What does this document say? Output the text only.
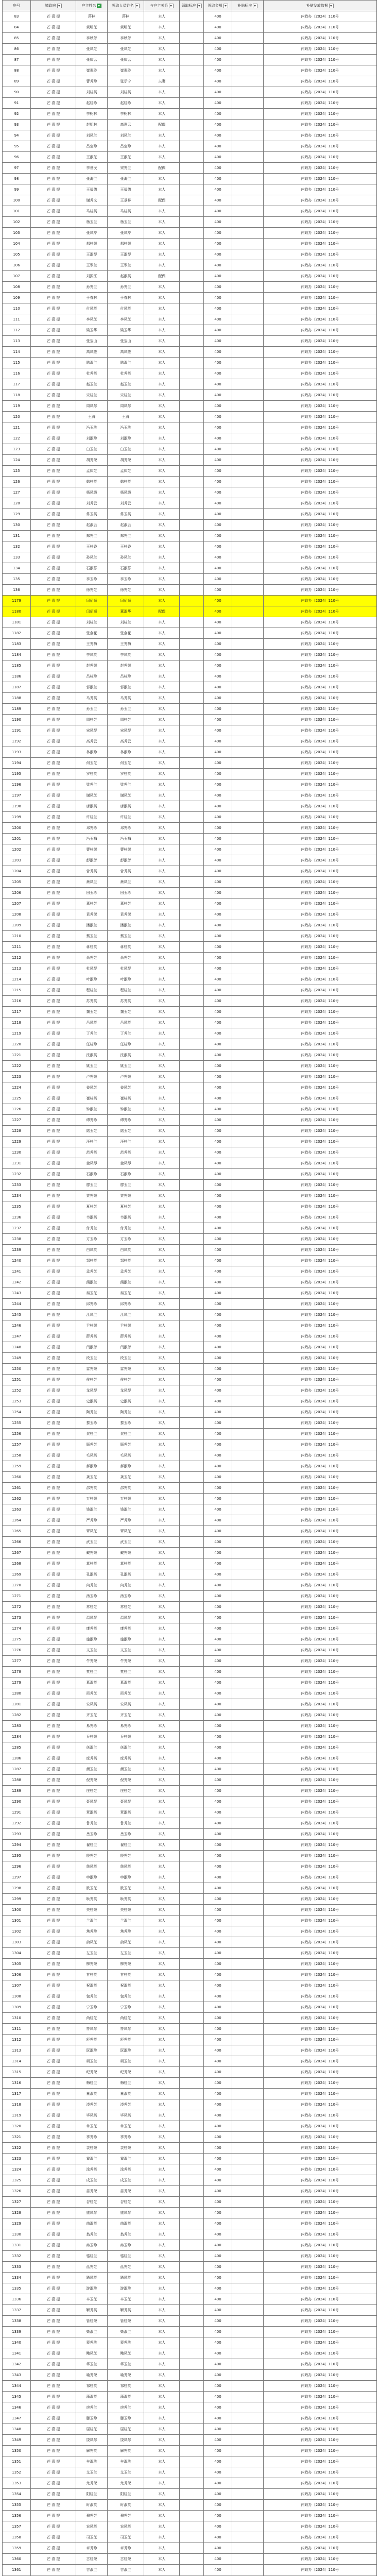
序号	镇政府	户主姓名	领取人员姓名	与户主关系	领取标准	领取金额	补贴标准	补贴发放依据
83	芒 喜 提	蒋林	蒋林	本人		400		内政办〔2024〕110号
84	芒 喜 提	黄明芝	黄明芝	本人		400		内政办〔2024〕110号
85	芒 喜 提	李秋芳	李秋芳	本人		400		内政办〔2024〕110号
86	芒 喜 提	张凤芝	张凤芝	本人		400		内政办〔2024〕110号
87	芒 喜 提	张庆云	张庆云	本人		400		内政办〔2024〕110号
88	芒 喜 提	崔素玲	崔素玲	本人		400		内政办〔2024〕110号
89	芒 喜 提	曹秀珍	张示宁	夫妻		400		内政办〔2024〕110号
90	芒 喜 提	刘桂英	刘桂英	本人		400		内政办〔2024〕110号
91	芒 喜 提	赵桂珍	赵桂珍	本人		400		内政办〔2024〕110号
92	芒 喜 提	李树林	李树林	本人		400		内政办〔2024〕110号
93	芒 喜 提	赵明林	高惠云	配偶		400		内政办〔2024〕110号
94	芒 喜 提	刘凤兰	刘凤兰	本人		400		内政办〔2024〕110号
95	芒 喜 提	吕宝珍	吕宝珍	本人		400		内政办〔2024〕110号
96	芒 喜 提	王淑芝	王淑芝	本人		400		内政办〔2024〕110号
97	芒 喜 提	李世民	宋秀兰	配偶		400		内政办〔2024〕110号
98	芒 喜 提	张海兰	张海兰	本人		400		内政办〔2024〕110号
99	芒 喜 提	王福德	王福德	本人		400		内政办〔2024〕110号
100	芒 喜 提	谢秀文	王景祥	配偶		400		内政办〔2024〕110号
101	芒 喜 提	马桂英	马桂英	本人		400		内政办〔2024〕110号
102	芒 喜 提	杨玉兰	杨玉兰	本人		400		内政办〔2024〕110号
103	芒 喜 提	张凤芹	张凤芹	本人		400		内政办〔2024〕110号
104	芒 喜 提	郝桂荣	郝桂荣	本人		400		内政办〔2024〕110号
105	芒 喜 提	王淑琴	王淑琴	本人		400		内政办〔2024〕110号
106	芒 喜 提	王翠兰	王翠兰	本人		400		内政办〔2024〕110号
107	芒 喜 提	刘振江	赵淑英	配偶		400		内政办〔2024〕110号
108	芒 喜 提	孙秀兰	孙秀兰	本人		400		内政办〔2024〕110号
109	芒 喜 提	于春林	于春林	本人		400		内政办〔2024〕110号
110	芒 喜 提	付凤英	付凤英	本人		400		内政办〔2024〕110号
111	芒 喜 提	李凤芝	李凤芝	本人		400		内政办〔2024〕110号
112	芒 喜 提	梁玉华	梁玉华	本人		400		内政办〔2024〕110号
113	芒 喜 提	张宝山	张宝山	本人		400		内政办〔2024〕110号
114	芒 喜 提	高凤莲	高凤莲	本人		400		内政办〔2024〕110号
115	芒 喜 提	陈淑兰	陈淑兰	本人		400		内政办〔2024〕110号
116	芒 喜 提	杜秀英	杜秀英	本人		400		内政办〔2024〕110号
117	芒 喜 提	赵玉兰	赵玉兰	本人		400		内政办〔2024〕110号
118	芒 喜 提	宋桂兰	宋桂兰	本人		400		内政办〔2024〕110号
119	芒 喜 提	周凤琴	周凤琴	本人		400		内政办〔2024〕110号
120	芒 喜 提	王海	王海	本人		400		内政办〔2024〕110号
121	芒 喜 提	冯玉珍	冯玉珍	本人		400		内政办〔2024〕110号
122	芒 喜 提	刘淑珍	刘淑珍	本人		400		内政办〔2024〕110号
123	芒 喜 提	白玉兰	白玉兰	本人		400		内政办〔2024〕110号
124	芒 喜 提	胡秀荣	胡秀荣	本人		400		内政办〔2024〕110号
125	芒 喜 提	孟庆芝	孟庆芝	本人		400		内政办〔2024〕110号
126	芒 喜 提	韩桂英	韩桂英	本人		400		内政办〔2024〕110号
127	芒 喜 提	杨凤霞	杨凤霞	本人		400		内政办〔2024〕110号
128	芒 喜 提	刘秀云	刘秀云	本人		400		内政办〔2024〕110号
129	芒 喜 提	常玉英	常玉英	本人		400		内政办〔2024〕110号
130	芒 喜 提	赵淑云	赵淑云	本人		400		内政办〔2024〕110号
131	芒 喜 提	郑秀兰	郑秀兰	本人		400		内政办〔2024〕110号
132	芒 喜 提	王桂香	王桂香	本人		400		内政办〔2024〕110号
133	芒 喜 提	孙凤兰	孙凤兰	本人		400		内政办〔2024〕110号
134	芒 喜 提	石淑芬	石淑芬	本人		400		内政办〔2024〕110号
135	芒 喜 提	李玉珍	李玉珍	本人		400		内政办〔2024〕110号
136	芒 喜 提	徐秀芝	徐秀芝	本人		400		内政办〔2024〕110号
1179	芒 喜 提	闫佰顺	闫佰顺	本人		400		内政办〔2024〕110号
1180	芒 喜 提	闫佰顺	董淑华	配偶		400		内政办〔2024〕110号
1181	芒 喜 提	刘桂兰	刘桂兰	本人		400		内政办〔2024〕110号
1182	芒 喜 提	张金花	张金花	本人		400		内政办〔2024〕110号
1183	芒 喜 提	王秀梅	王秀梅	本人		400		内政办〔2024〕110号
1184	芒 喜 提	李凤英	李凤英	本人		400		内政办〔2024〕110号
1185	芒 喜 提	赵秀荣	赵秀荣	本人		400		内政办〔2024〕110号
1186	芒 喜 提	吕桂珍	吕桂珍	本人		400		内政办〔2024〕110号
1187	芒 喜 提	郭淑兰	郭淑兰	本人		400		内政办〔2024〕110号
1188	芒 喜 提	马秀英	马秀英	本人		400		内政办〔2024〕110号
1189	芒 喜 提	孙玉兰	孙玉兰	本人		400		内政办〔2024〕110号
1190	芒 喜 提	周桂芝	周桂芝	本人		400		内政办〔2024〕110号
1191	芒 喜 提	宋凤琴	宋凤琴	本人		400		内政办〔2024〕110号
1192	芒 喜 提	高秀云	高秀云	本人		400		内政办〔2024〕110号
1193	芒 喜 提	林淑珍	林淑珍	本人		400		内政办〔2024〕110号
1194	芒 喜 提	何玉芝	何玉芝	本人		400		内政办〔2024〕110号
1195	芒 喜 提	罗桂英	罗桂英	本人		400		内政办〔2024〕110号
1196	芒 喜 提	梁秀兰	梁秀兰	本人		400		内政办〔2024〕110号
1197	芒 喜 提	谢凤芝	谢凤芝	本人		400		内政办〔2024〕110号
1198	芒 喜 提	唐淑英	唐淑英	本人		400		内政办〔2024〕110号
1199	芒 喜 提	许桂兰	许桂兰	本人		400		内政办〔2024〕110号
1200	芒 喜 提	邓秀珍	邓秀珍	本人		400		内政办〔2024〕110号
1201	芒 喜 提	冯玉梅	冯玉梅	本人		400		内政办〔2024〕110号
1202	芒 喜 提	曹桂荣	曹桂荣	本人		400		内政办〔2024〕110号
1203	芒 喜 提	彭淑芳	彭淑芳	本人		400		内政办〔2024〕110号
1204	芒 喜 提	曾秀英	曾秀英	本人		400		内政办〔2024〕110号
1205	芒 喜 提	萧凤兰	萧凤兰	本人		400		内政办〔2024〕110号
1206	芒 喜 提	田玉珍	田玉珍	本人		400		内政办〔2024〕110号
1207	芒 喜 提	董桂芝	董桂芝	本人		400		内政办〔2024〕110号
1208	芒 喜 提	袁秀荣	袁秀荣	本人		400		内政办〔2024〕110号
1209	芒 喜 提	潘淑兰	潘淑兰	本人		400		内政办〔2024〕110号
1210	芒 喜 提	蔡玉兰	蔡玉兰	本人		400		内政办〔2024〕110号
1211	芒 喜 提	蒋桂英	蒋桂英	本人		400		内政办〔2024〕110号
1212	芒 喜 提	余秀芝	余秀芝	本人		400		内政办〔2024〕110号
1213	芒 喜 提	杜凤琴	杜凤琴	本人		400		内政办〔2024〕110号
1214	芒 喜 提	叶淑珍	叶淑珍	本人		400		内政办〔2024〕110号
1215	芒 喜 提	程桂兰	程桂兰	本人		400		内政办〔2024〕110号
1216	芒 喜 提	苏秀英	苏秀英	本人		400		内政办〔2024〕110号
1217	芒 喜 提	魏玉芝	魏玉芝	本人		400		内政办〔2024〕110号
1218	芒 喜 提	吕凤英	吕凤英	本人		400		内政办〔2024〕110号
1219	芒 喜 提	丁秀兰	丁秀兰	本人		400		内政办〔2024〕110号
1220	芒 喜 提	任桂珍	任桂珍	本人		400		内政办〔2024〕110号
1221	芒 喜 提	沈淑英	沈淑英	本人		400		内政办〔2024〕110号
1222	芒 喜 提	姚玉兰	姚玉兰	本人		400		内政办〔2024〕110号
1223	芒 喜 提	卢秀荣	卢秀荣	本人		400		内政办〔2024〕110号
1224	芒 喜 提	姜凤芝	姜凤芝	本人		400		内政办〔2024〕110号
1225	芒 喜 提	崔桂英	崔桂英	本人		400		内政办〔2024〕110号
1226	芒 喜 提	钟淑兰	钟淑兰	本人		400		内政办〔2024〕110号
1227	芒 喜 提	谭秀珍	谭秀珍	本人		400		内政办〔2024〕110号
1228	芒 喜 提	陆玉芝	陆玉芝	本人		400		内政办〔2024〕110号
1229	芒 喜 提	汪桂兰	汪桂兰	本人		400		内政办〔2024〕110号
1230	芒 喜 提	范秀英	范秀英	本人		400		内政办〔2024〕110号
1231	芒 喜 提	金凤琴	金凤琴	本人		400		内政办〔2024〕110号
1232	芒 喜 提	石淑珍	石淑珍	本人		400		内政办〔2024〕110号
1233	芒 喜 提	廖玉兰	廖玉兰	本人		400		内政办〔2024〕110号
1234	芒 喜 提	贾秀荣	贾秀荣	本人		400		内政办〔2024〕110号
1235	芒 喜 提	夏桂芝	夏桂芝	本人		400		内政办〔2024〕110号
1236	芒 喜 提	韦淑英	韦淑英	本人		400		内政办〔2024〕110号
1237	芒 喜 提	付秀兰	付秀兰	本人		400		内政办〔2024〕110号
1238	芒 喜 提	方玉珍	方玉珍	本人		400		内政办〔2024〕110号
1239	芒 喜 提	白凤英	白凤英	本人		400		内政办〔2024〕110号
1240	芒 喜 提	邹桂英	邹桂英	本人		400		内政办〔2024〕110号
1241	芒 喜 提	孟秀芝	孟秀芝	本人		400		内政办〔2024〕110号
1242	芒 喜 提	熊淑兰	熊淑兰	本人		400		内政办〔2024〕110号
1243	芒 喜 提	秦玉芝	秦玉芝	本人		400		内政办〔2024〕110号
1244	芒 喜 提	邱秀珍	邱秀珍	本人		400		内政办〔2024〕110号
1245	芒 喜 提	江凤兰	江凤兰	本人		400		内政办〔2024〕110号
1246	芒 喜 提	尹桂荣	尹桂荣	本人		400		内政办〔2024〕110号
1247	芒 喜 提	薛秀英	薛秀英	本人		400		内政办〔2024〕110号
1248	芒 喜 提	闫淑芳	闫淑芳	本人		400		内政办〔2024〕110号
1249	芒 喜 提	段玉兰	段玉兰	本人		400		内政办〔2024〕110号
1250	芒 喜 提	雷秀荣	雷秀荣	本人		400		内政办〔2024〕110号
1251	芒 喜 提	侯桂芝	侯桂芝	本人		400		内政办〔2024〕110号
1252	芒 喜 提	龙凤琴	龙凤琴	本人		400		内政办〔2024〕110号
1253	芒 喜 提	史淑英	史淑英	本人		400		内政办〔2024〕110号
1254	芒 喜 提	陶秀兰	陶秀兰	本人		400		内政办〔2024〕110号
1255	芒 喜 提	黎玉珍	黎玉珍	本人		400		内政办〔2024〕110号
1256	芒 喜 提	贺桂兰	贺桂兰	本人		400		内政办〔2024〕110号
1257	芒 喜 提	顾秀芝	顾秀芝	本人		400		内政办〔2024〕110号
1258	芒 喜 提	毛凤英	毛凤英	本人		400		内政办〔2024〕110号
1259	芒 喜 提	郝淑珍	郝淑珍	本人		400		内政办〔2024〕110号
1260	芒 喜 提	龚玉芝	龚玉芝	本人		400		内政办〔2024〕110号
1261	芒 喜 提	邵秀英	邵秀英	本人		400		内政办〔2024〕110号
1262	芒 喜 提	万桂荣	万桂荣	本人		400		内政办〔2024〕110号
1263	芒 喜 提	钱淑兰	钱淑兰	本人		400		内政办〔2024〕110号
1264	芒 喜 提	严秀珍	严秀珍	本人		400		内政办〔2024〕110号
1265	芒 喜 提	覃凤芝	覃凤芝	本人		400		内政办〔2024〕110号
1266	芒 喜 提	武玉兰	武玉兰	本人		400		内政办〔2024〕110号
1267	芒 喜 提	戴秀荣	戴秀荣	本人		400		内政办〔2024〕110号
1268	芒 喜 提	莫桂英	莫桂英	本人		400		内政办〔2024〕110号
1269	芒 喜 提	孔淑英	孔淑英	本人		400		内政办〔2024〕110号
1270	芒 喜 提	向秀兰	向秀兰	本人		400		内政办〔2024〕110号
1271	芒 喜 提	汤玉珍	汤玉珍	本人		400		内政办〔2024〕110号
1272	芒 喜 提	常桂芝	常桂芝	本人		400		内政办〔2024〕110号
1273	芒 喜 提	温凤琴	温凤琴	本人		400		内政办〔2024〕110号
1274	芒 喜 提	康秀英	康秀英	本人		400		内政办〔2024〕110号
1275	芒 喜 提	施淑珍	施淑珍	本人		400		内政办〔2024〕110号
1276	芒 喜 提	文玉兰	文玉兰	本人		400		内政办〔2024〕110号
1277	芒 喜 提	牛秀荣	牛秀荣	本人		400		内政办〔2024〕110号
1278	芒 喜 提	樊桂兰	樊桂兰	本人		400		内政办〔2024〕110号
1279	芒 喜 提	葛淑英	葛淑英	本人		400		内政办〔2024〕110号
1280	芒 喜 提	邢秀芝	邢秀芝	本人		400		内政办〔2024〕110号
1281	芒 喜 提	安凤英	安凤英	本人		400		内政办〔2024〕110号
1282	芒 喜 提	齐玉芝	齐玉芝	本人		400		内政办〔2024〕110号
1283	芒 喜 提	易秀珍	易秀珍	本人		400		内政办〔2024〕110号
1284	芒 喜 提	乔桂荣	乔桂荣	本人		400		内政办〔2024〕110号
1285	芒 喜 提	伍淑兰	伍淑兰	本人		400		内政办〔2024〕110号
1286	芒 喜 提	庞秀英	庞秀英	本人		400		内政办〔2024〕110号
1287	芒 喜 提	颜玉兰	颜玉兰	本人		400		内政办〔2024〕110号
1288	芒 喜 提	倪秀荣	倪秀荣	本人		400		内政办〔2024〕110号
1289	芒 喜 提	庄桂芝	庄桂芝	本人		400		内政办〔2024〕110号
1290	芒 喜 提	聂凤琴	聂凤琴	本人		400		内政办〔2024〕110号
1291	芒 喜 提	章淑英	章淑英	本人		400		内政办〔2024〕110号
1292	芒 喜 提	鲁秀兰	鲁秀兰	本人		400		内政办〔2024〕110号
1293	芒 喜 提	岳玉珍	岳玉珍	本人		400		内政办〔2024〕110号
1294	芒 喜 提	翟桂兰	翟桂兰	本人		400		内政办〔2024〕110号
1295	芒 喜 提	殷秀芝	殷秀芝	本人		400		内政办〔2024〕110号
1296	芒 喜 提	詹凤英	詹凤英	本人		400		内政办〔2024〕110号
1297	芒 喜 提	申淑珍	申淑珍	本人		400		内政办〔2024〕110号
1298	芒 喜 提	欧玉芝	欧玉芝	本人		400		内政办〔2024〕110号
1299	芒 喜 提	耿秀英	耿秀英	本人		400		内政办〔2024〕110号
1300	芒 喜 提	关桂荣	关桂荣	本人		400		内政办〔2024〕110号
1301	芒 喜 提	兰淑兰	兰淑兰	本人		400		内政办〔2024〕110号
1302	芒 喜 提	焦秀珍	焦秀珍	本人		400		内政办〔2024〕110号
1303	芒 喜 提	俞凤芝	俞凤芝	本人		400		内政办〔2024〕110号
1304	芒 喜 提	左玉兰	左玉兰	本人		400		内政办〔2024〕110号
1305	芒 喜 提	柳秀荣	柳秀荣	本人		400		内政办〔2024〕110号
1306	芒 喜 提	甘桂英	甘桂英	本人		400		内政办〔2024〕110号
1307	芒 喜 提	祝淑英	祝淑英	本人		400		内政办〔2024〕110号
1308	芒 喜 提	包秀兰	包秀兰	本人		400		内政办〔2024〕110号
1309	芒 喜 提	宁玉珍	宁玉珍	本人		400		内政办〔2024〕110号
1310	芒 喜 提	尚桂芝	尚桂芝	本人		400		内政办〔2024〕110号
1311	芒 喜 提	符凤琴	符凤琴	本人		400		内政办〔2024〕110号
1312	芒 喜 提	舒秀英	舒秀英	本人		400		内政办〔2024〕110号
1313	芒 喜 提	阮淑珍	阮淑珍	本人		400		内政办〔2024〕110号
1314	芒 喜 提	柯玉兰	柯玉兰	本人		400		内政办〔2024〕110号
1315	芒 喜 提	纪秀荣	纪秀荣	本人		400		内政办〔2024〕110号
1316	芒 喜 提	梅桂兰	梅桂兰	本人		400		内政办〔2024〕110号
1317	芒 喜 提	童淑英	童淑英	本人		400		内政办〔2024〕110号
1318	芒 喜 提	凌秀芝	凌秀芝	本人		400		内政办〔2024〕110号
1319	芒 喜 提	毕凤英	毕凤英	本人		400		内政办〔2024〕110号
1320	芒 喜 提	单玉芝	单玉芝	本人		400		内政办〔2024〕110号
1321	芒 喜 提	季秀珍	季秀珍	本人		400		内政办〔2024〕110号
1322	芒 喜 提	裴桂荣	裴桂荣	本人		400		内政办〔2024〕110号
1323	芒 喜 提	霍淑兰	霍淑兰	本人		400		内政办〔2024〕110号
1324	芒 喜 提	涂秀英	涂秀英	本人		400		内政办〔2024〕110号
1325	芒 喜 提	成玉兰	成玉兰	本人		400		内政办〔2024〕110号
1326	芒 喜 提	苗秀荣	苗秀荣	本人		400		内政办〔2024〕110号
1327	芒 喜 提	谷桂芝	谷桂芝	本人		400		内政办〔2024〕110号
1328	芒 喜 提	盛凤琴	盛凤琴	本人		400		内政办〔2024〕110号
1329	芒 喜 提	曲淑英	曲淑英	本人		400		内政办〔2024〕110号
1330	芒 喜 提	翁秀兰	翁秀兰	本人		400		内政办〔2024〕110号
1331	芒 喜 提	冉玉珍	冉玉珍	本人		400		内政办〔2024〕110号
1332	芒 喜 提	骆桂兰	骆桂兰	本人		400		内政办〔2024〕110号
1333	芒 喜 提	蓝秀芝	蓝秀芝	本人		400		内政办〔2024〕110号
1334	芒 喜 提	路凤英	路凤英	本人		400		内政办〔2024〕110号
1335	芒 喜 提	游淑珍	游淑珍	本人		400		内政办〔2024〕110号
1336	芒 喜 提	辛玉芝	辛玉芝	本人		400		内政办〔2024〕110号
1337	芒 喜 提	靳秀英	靳秀英	本人		400		内政办〔2024〕110号
1338	芒 喜 提	管桂荣	管桂荣	本人		400		内政办〔2024〕110号
1339	芒 喜 提	柴淑兰	柴淑兰	本人		400		内政办〔2024〕110号
1340	芒 喜 提	蒙秀珍	蒙秀珍	本人		400		内政办〔2024〕110号
1341	芒 喜 提	鲍凤芝	鲍凤芝	本人		400		内政办〔2024〕110号
1342	芒 喜 提	华玉兰	华玉兰	本人		400		内政办〔2024〕110号
1343	芒 喜 提	喻秀荣	喻秀荣	本人		400		内政办〔2024〕110号
1344	芒 喜 提	祁桂英	祁桂英	本人		400		内政办〔2024〕110号
1345	芒 喜 提	蒲淑英	蒲淑英	本人		400		内政办〔2024〕110号
1346	芒 喜 提	房秀兰	房秀兰	本人		400		内政办〔2024〕110号
1347	芒 喜 提	滕玉珍	滕玉珍	本人		400		内政办〔2024〕110号
1348	芒 喜 提	屈桂芝	屈桂芝	本人		400		内政办〔2024〕110号
1349	芒 喜 提	饶凤琴	饶凤琴	本人		400		内政办〔2024〕110号
1350	芒 喜 提	解秀英	解秀英	本人		400		内政办〔2024〕110号
1351	芒 喜 提	牟淑珍	牟淑珍	本人		400		内政办〔2024〕110号
1352	芒 喜 提	艾玉兰	艾玉兰	本人		400		内政办〔2024〕110号
1353	芒 喜 提	尤秀荣	尤秀荣	本人		400		内政办〔2024〕110号
1354	芒 喜 提	阳桂兰	阳桂兰	本人		400		内政办〔2024〕110号
1355	芒 喜 提	时淑英	时淑英	本人		400		内政办〔2024〕110号
1356	芒 喜 提	穆秀芝	穆秀芝	本人		400		内政办〔2024〕110号
1357	芒 喜 提	农凤英	农凤英	本人		400		内政办〔2024〕110号
1358	芒 喜 提	司玉芝	司玉芝	本人		400		内政办〔2024〕110号
1359	芒 喜 提	卓秀珍	卓秀珍	本人		400		内政办〔2024〕110号
1360	芒 喜 提	古桂荣	古桂荣	本人		400		内政办〔2024〕110号
1361	芒 喜 提	吉淑兰	吉淑兰	本人		400		内政办〔2024〕110号
